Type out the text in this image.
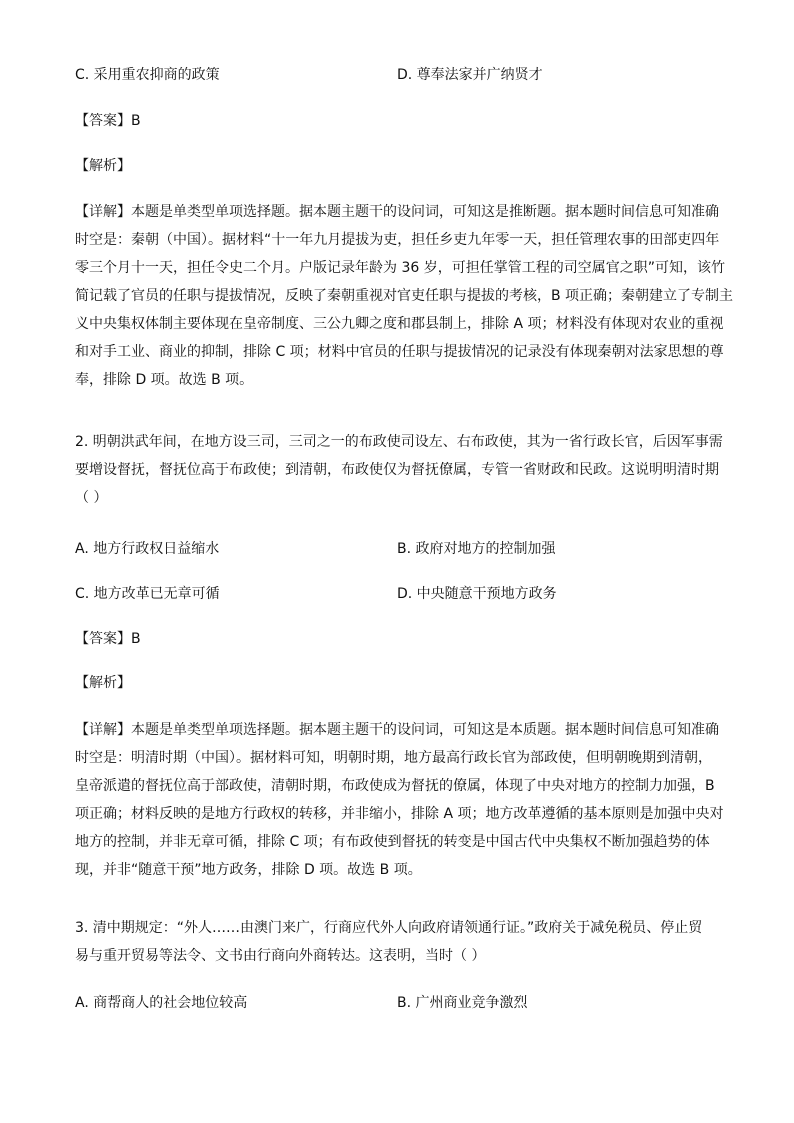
C. 采用重农抑商的政策	D. 尊奉法家并广纳贤才
【答案】B
【解析】
【详解】本题是单类型单项选择题。据本题主题干的设问词，可知这是推断题。据本题时间信息可知准确
时空是：秦朝（中国）。据材料“十一年九月提拔为吏，担任乡吏九年零一天，担任管理农事的田部吏四年
零三个月十一天，担任令史二个月。户版记录年龄为 36 岁，可担任掌管工程的司空属官之职”可知，该竹
简记载了官员的任职与提拔情况，反映了秦朝重视对官吏任职与提拔的考核，B 项正确；秦朝建立了专制主
义中央集权体制主要体现在皇帝制度、三公九卿之度和郡县制上，排除 A 项；材料没有体现对农业的重视
和对手工业、商业的抑制，排除 C 项；材料中官员的任职与提拔情况的记录没有体现秦朝对法家思想的尊
奉，排除 D 项。故选 B 项。
2. 明朝洪武年间，在地方设三司，三司之一的布政使司设左、右布政使，其为一省行政长官，后因军事需
要增设督抚，督抚位高于布政使；到清朝，布政使仅为督抚僚属，专管一省财政和民政。这说明明清时期
（ ）
A. 地方行政权日益缩水	B. 政府对地方的控制加强
C. 地方改革已无章可循	D. 中央随意干预地方政务
【答案】B
【解析】
【详解】本题是单类型单项选择题。据本题主题干的设问词，可知这是本质题。据本题时间信息可知准确
时空是：明清时期（中国）。据材料可知，明朝时期，地方最高行政长官为部政使，但明朝晚期到清朝，
皇帝派遣的督抚位高于部政使，清朝时期，布政使成为督抚的僚属，体现了中央对地方的控制力加强，B
项正确；材料反映的是地方行政权的转移，并非缩小，排除 A 项；地方改革遵循的基本原则是加强中央对
地方的控制，并非无章可循，排除 C 项；有布政使到督抚的转变是中国古代中央集权不断加强趋势的体
现，并非“随意干预”地方政务，排除 D 项。故选 B 项。
3. 清中期规定：“外人……由澳门来广，行商应代外人向政府请领通行证。”政府关于减免税员、停止贸
易与重开贸易等法令、文书由行商向外商转达。这表明，当时（ ）
A. 商帮商人的社会地位较高	B. 广州商业竞争激烈
